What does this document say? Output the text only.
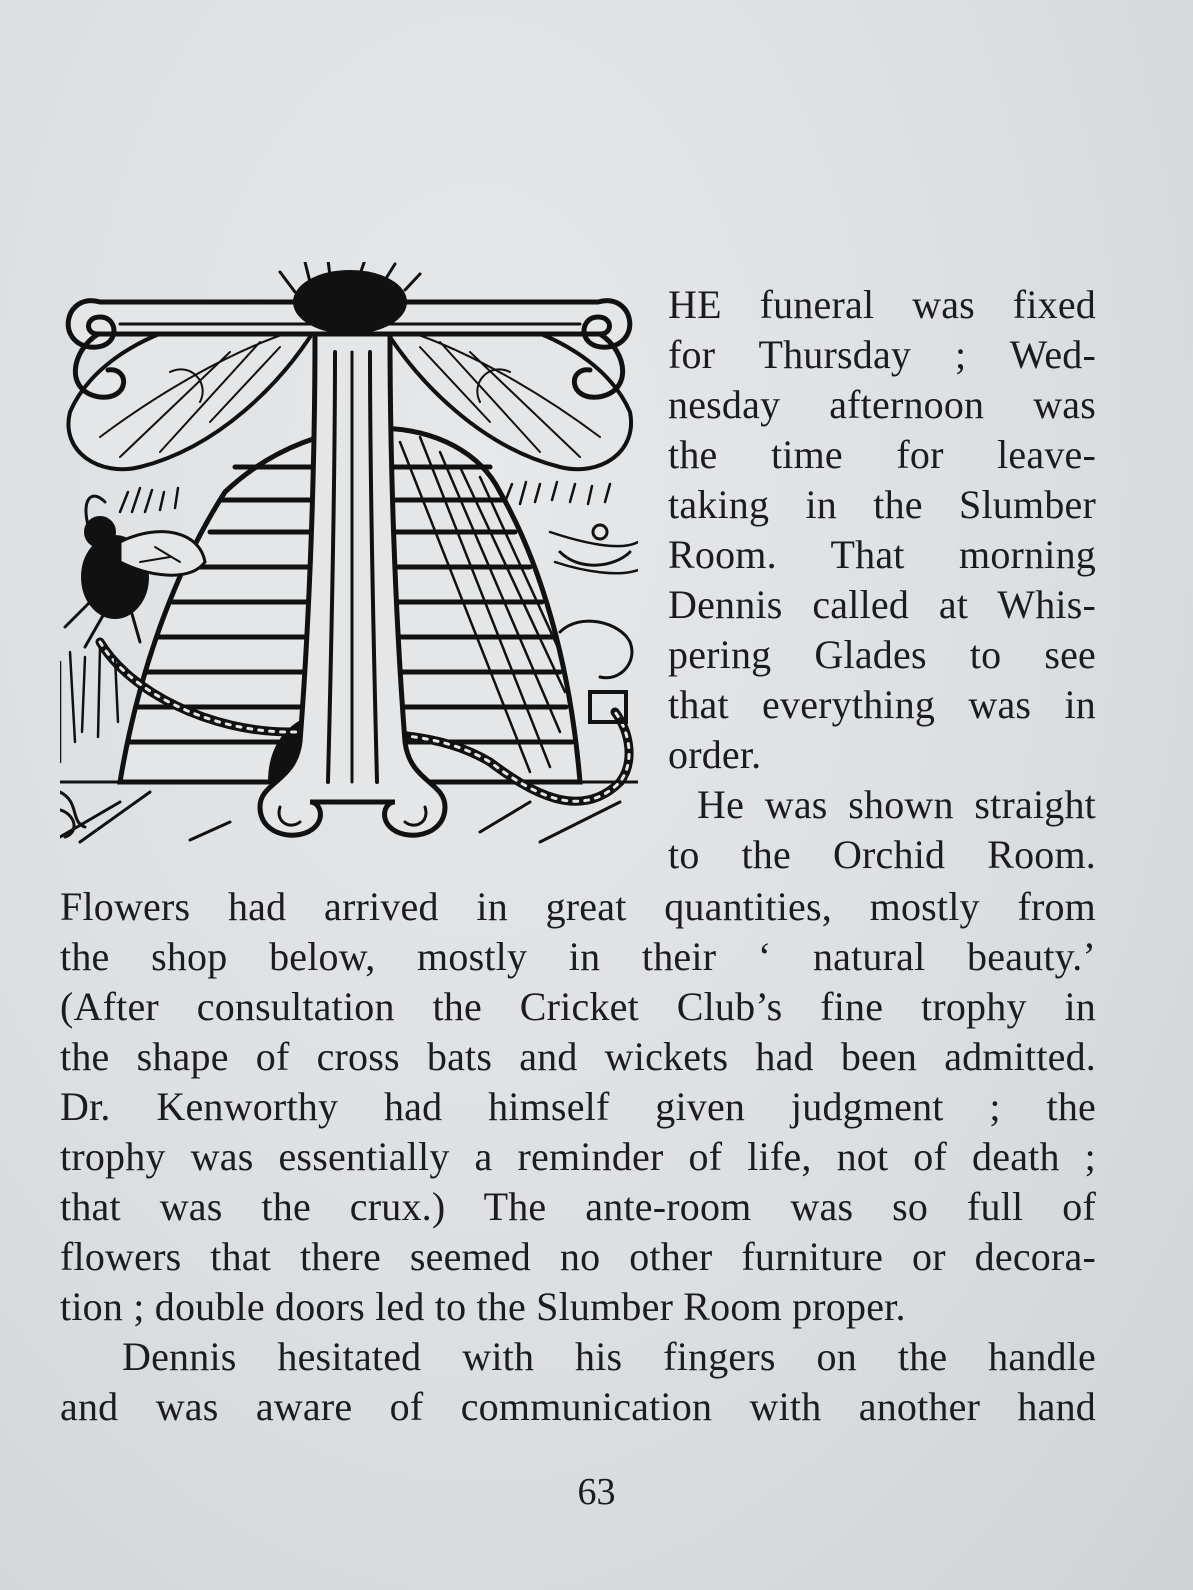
HE funeral was fixed
for Thursday ; Wed-
nesday afternoon was
the time for leave-
taking in the Slumber
Room. That morning
Dennis called at Whis-
pering Glades to see
that everything was in
order.
He was shown straight
to the Orchid Room.
Flowers had arrived in great quantities, mostly from
the shop below, mostly in their ‘ natural beauty.’
(After consultation the Cricket Club’s fine trophy in
the shape of cross bats and wickets had been admitted.
Dr. Kenworthy had himself given judgment ; the
trophy was essentially a reminder of life, not of death ;
that was the crux.) The ante-room was so full of
flowers that there seemed no other furniture or decora-
tion ; double doors led to the Slumber Room proper.
Dennis hesitated with his fingers on the handle
and was aware of communication with another hand
63
